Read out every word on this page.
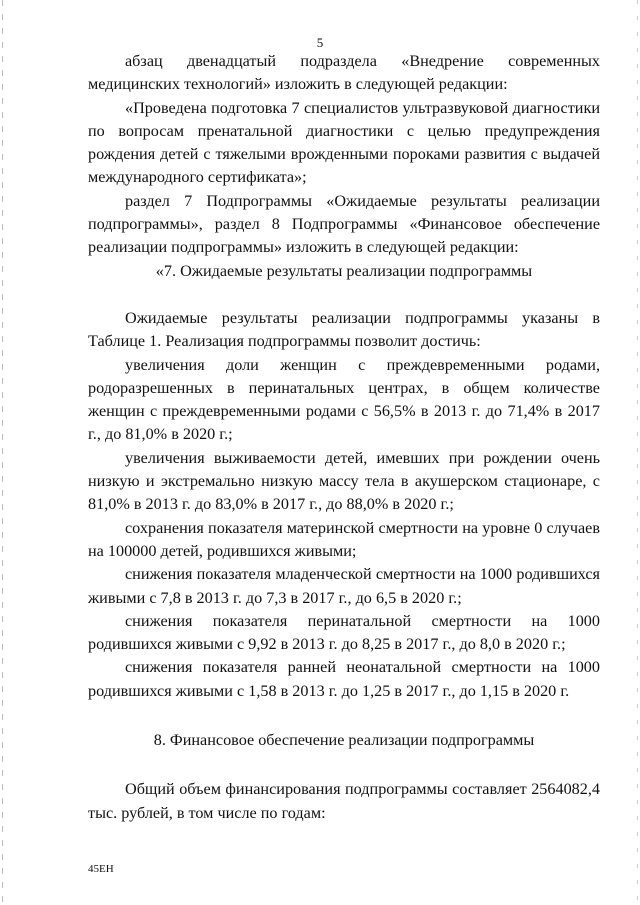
5

абзац двенадцатый подраздела «Внедрение современных медицинских технологий» изложить в следующей редакции:

«Проведена подготовка 7 специалистов ультразвуковой диагностики по вопросам пренатальной диагностики с целью предупреждения рождения детей с тяжелыми врожденными пороками развития с выдачей международного сертификата»;

раздел 7 Подпрограммы «Ожидаемые результаты реализации подпрограммы», раздел 8 Подпрограммы «Финансовое обеспечение реализации подпрограммы» изложить в следующей редакции:

«7. Ожидаемые результаты реализации подпрограммы

Ожидаемые результаты реализации подпрограммы указаны в Таблице 1. Реализация подпрограммы позволит достичь:

увеличения доли женщин с преждевременными родами, родоразрешенных в перинатальных центрах, в общем количестве женщин с преждевременными родами с 56,5% в 2013 г. до 71,4% в 2017 г., до 81,0% в 2020 г.;

увеличения выживаемости детей, имевших при рождении очень низкую и экстремально низкую массу тела в акушерском стационаре, с 81,0% в 2013 г. до 83,0% в 2017 г., до 88,0% в 2020 г.;

сохранения показателя материнской смертности на уровне 0 случаев на 100000 детей, родившихся живыми;

снижения показателя младенческой смертности на 1000 родившихся живыми с 7,8 в 2013 г. до 7,3 в 2017 г., до 6,5 в 2020 г.;

снижения показателя перинатальной смертности на 1000 родившихся живыми с 9,92 в 2013 г. до 8,25 в 2017 г., до 8,0 в 2020 г.;

снижения показателя ранней неонатальной смертности на 1000 родившихся живыми с 1,58 в 2013 г. до 1,25 в 2017 г., до 1,15 в 2020 г.

8. Финансовое обеспечение реализации подпрограммы

Общий объем финансирования подпрограммы составляет 2564082,4 тыс. рублей, в том числе по годам:

45ЕН
